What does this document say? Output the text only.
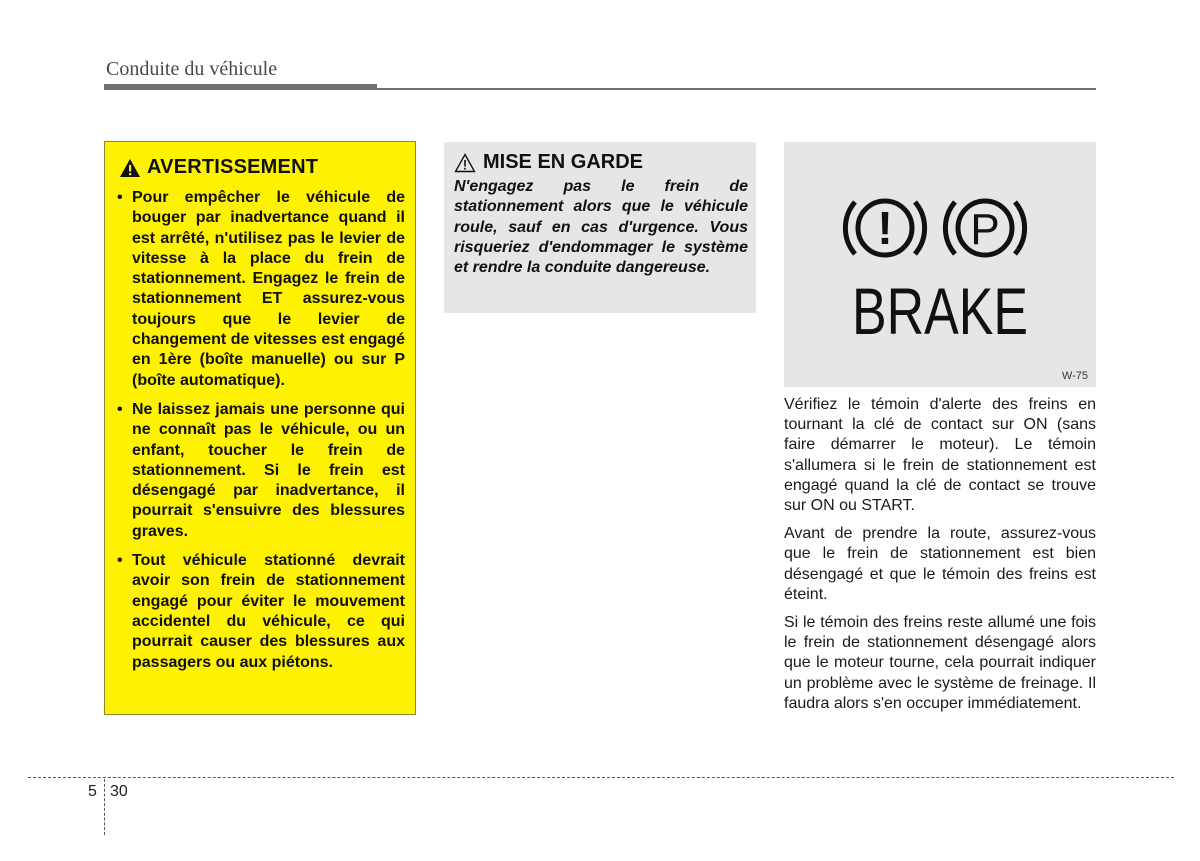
Conduite du véhicule
AVERTISSEMENT
• Pour empêcher le véhicule de bouger par inadvertance quand il est arrêté, n'utilisez pas le levier de vitesse à la place du frein de stationnement. Engagez le frein de stationnement ET assurez-vous toujours que le levier de changement de vitesses est engagé en 1ère (boîte manuelle) ou sur P (boîte automatique).
• Ne laissez jamais une personne qui ne connaît pas le véhicule, ou un enfant, toucher le frein de stationnement. Si le frein est désengagé par inadvertance, il pourrait s'ensuivre des blessures graves.
• Tout véhicule stationné devrait avoir son frein de stationnement engagé pour éviter le mouvement accidentel du véhicule, ce qui pourrait causer des blessures aux passagers ou aux piétons.
MISE EN GARDE

N'engagez pas le frein de stationnement alors que le véhicule roule, sauf en cas d'urgence. Vous risqueriez d'endommager le système et rendre la conduite dangereuse.

! P
BRAKE
W-75

Vérifiez le témoin d'alerte des freins en tournant la clé de contact sur ON (sans faire démarrer le moteur). Le témoin s'allumera si le frein de stationnement est engagé quand la clé de contact se trouve sur ON ou START.

Avant de prendre la route, assurez-vous que le frein de stationnement est bien désengagé et que le témoin des freins est éteint.

Si le témoin des freins reste allumé une fois le frein de stationnement désengagé alors que le moteur tourne, cela pourrait indiquer un problème avec le système de freinage. Il faudra alors s'en occuper immédiatement.

5 30
